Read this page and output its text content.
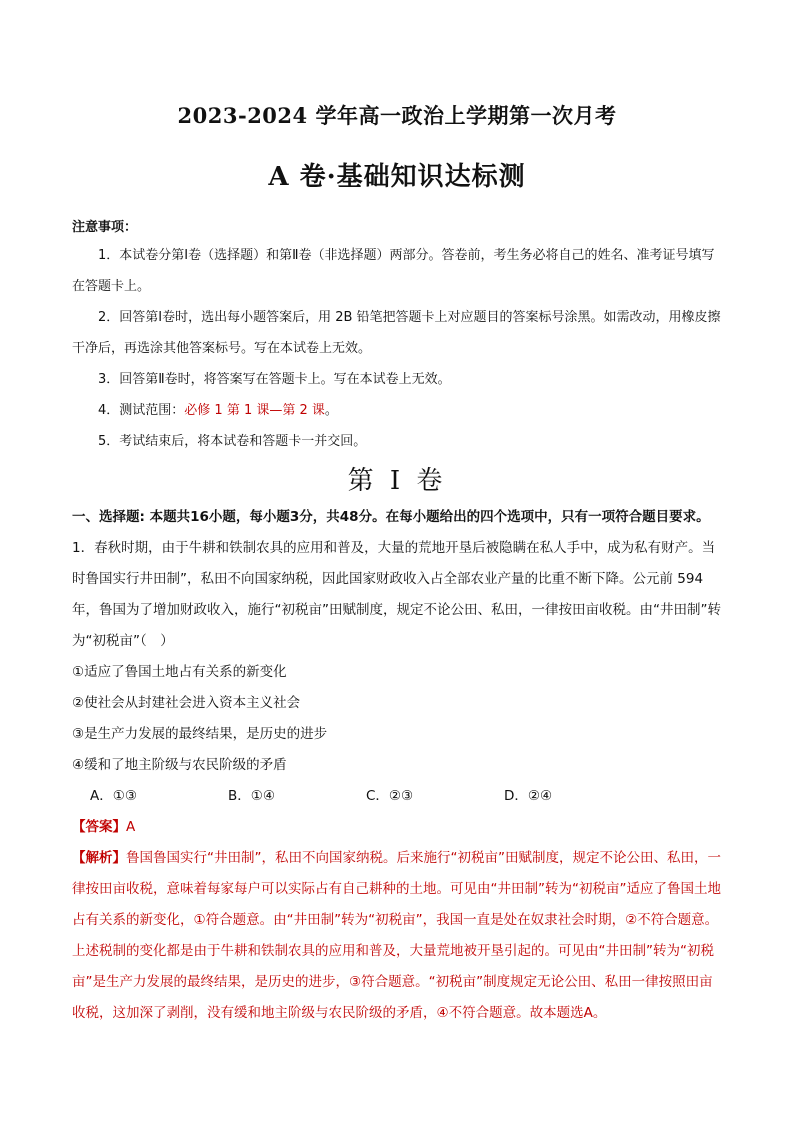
2023-2024 学年高一政治上学期第一次月考
A 卷·基础知识达标测
注意事项：

1．本试卷分第Ⅰ卷（选择题）和第Ⅱ卷（非选择题）两部分。答卷前，考生务必将自己的姓名、准考证号填写在答题卡上。

2．回答第Ⅰ卷时，选出每小题答案后，用 2B 铅笔把答题卡上对应题目的答案标号涂黑。如需改动，用橡皮擦干净后，再选涂其他答案标号。写在本试卷上无效。

3．回答第Ⅱ卷时，将答案写在答题卡上。写在本试卷上无效。

4．测试范围：必修 1 第 1 课—第 2 课。

5．考试结束后，将本试卷和答题卡一并交回。

第 I 卷

一、选择题: 本题共16小题，每小题3分，共48分。在每小题给出的四个选项中，只有一项符合题目要求。

1．春秋时期，由于牛耕和铁制农具的应用和普及，大量的荒地开垦后被隐瞒在私人手中，成为私有财产。当时鲁国实行井田制”，私田不向国家纳税，因此国家财政收入占全部农业产量的比重不断下降。公元前 594 年，鲁国为了增加财政收入，施行“初税亩”田赋制度，规定不论公田、私田，一律按田亩收税。由“井田制”转为“初税亩”（　）

①适应了鲁国土地占有关系的新变化

②使社会从封建社会进入资本主义社会

③是生产力发展的最终结果，是历史的进步

④缓和了地主阶级与农民阶级的矛盾

A．①③	B．①④	C．②③	D．②④

【答案】A

【解析】鲁国鲁国实行“井田制”，私田不向国家纳税。后来施行“初税亩”田赋制度，规定不论公田、私田，一律按田亩收税，意味着每家每户可以实际占有自己耕种的土地。可见由“井田制”转为“初税亩”适应了鲁国土地占有关系的新变化，①符合题意。由“井田制”转为“初税亩”，我国一直是处在奴隶社会时期，②不符合题意。上述税制的变化都是由于牛耕和铁制农具的应用和普及，大量荒地被开垦引起的。可见由“井田制”转为“初税亩”是生产力发展的最终结果，是历史的进步，③符合题意。“初税亩”制度规定无论公田、私田一律按照田亩收税，这加深了剥削，没有缓和地主阶级与农民阶级的矛盾，④不符合题意。故本题选A。
